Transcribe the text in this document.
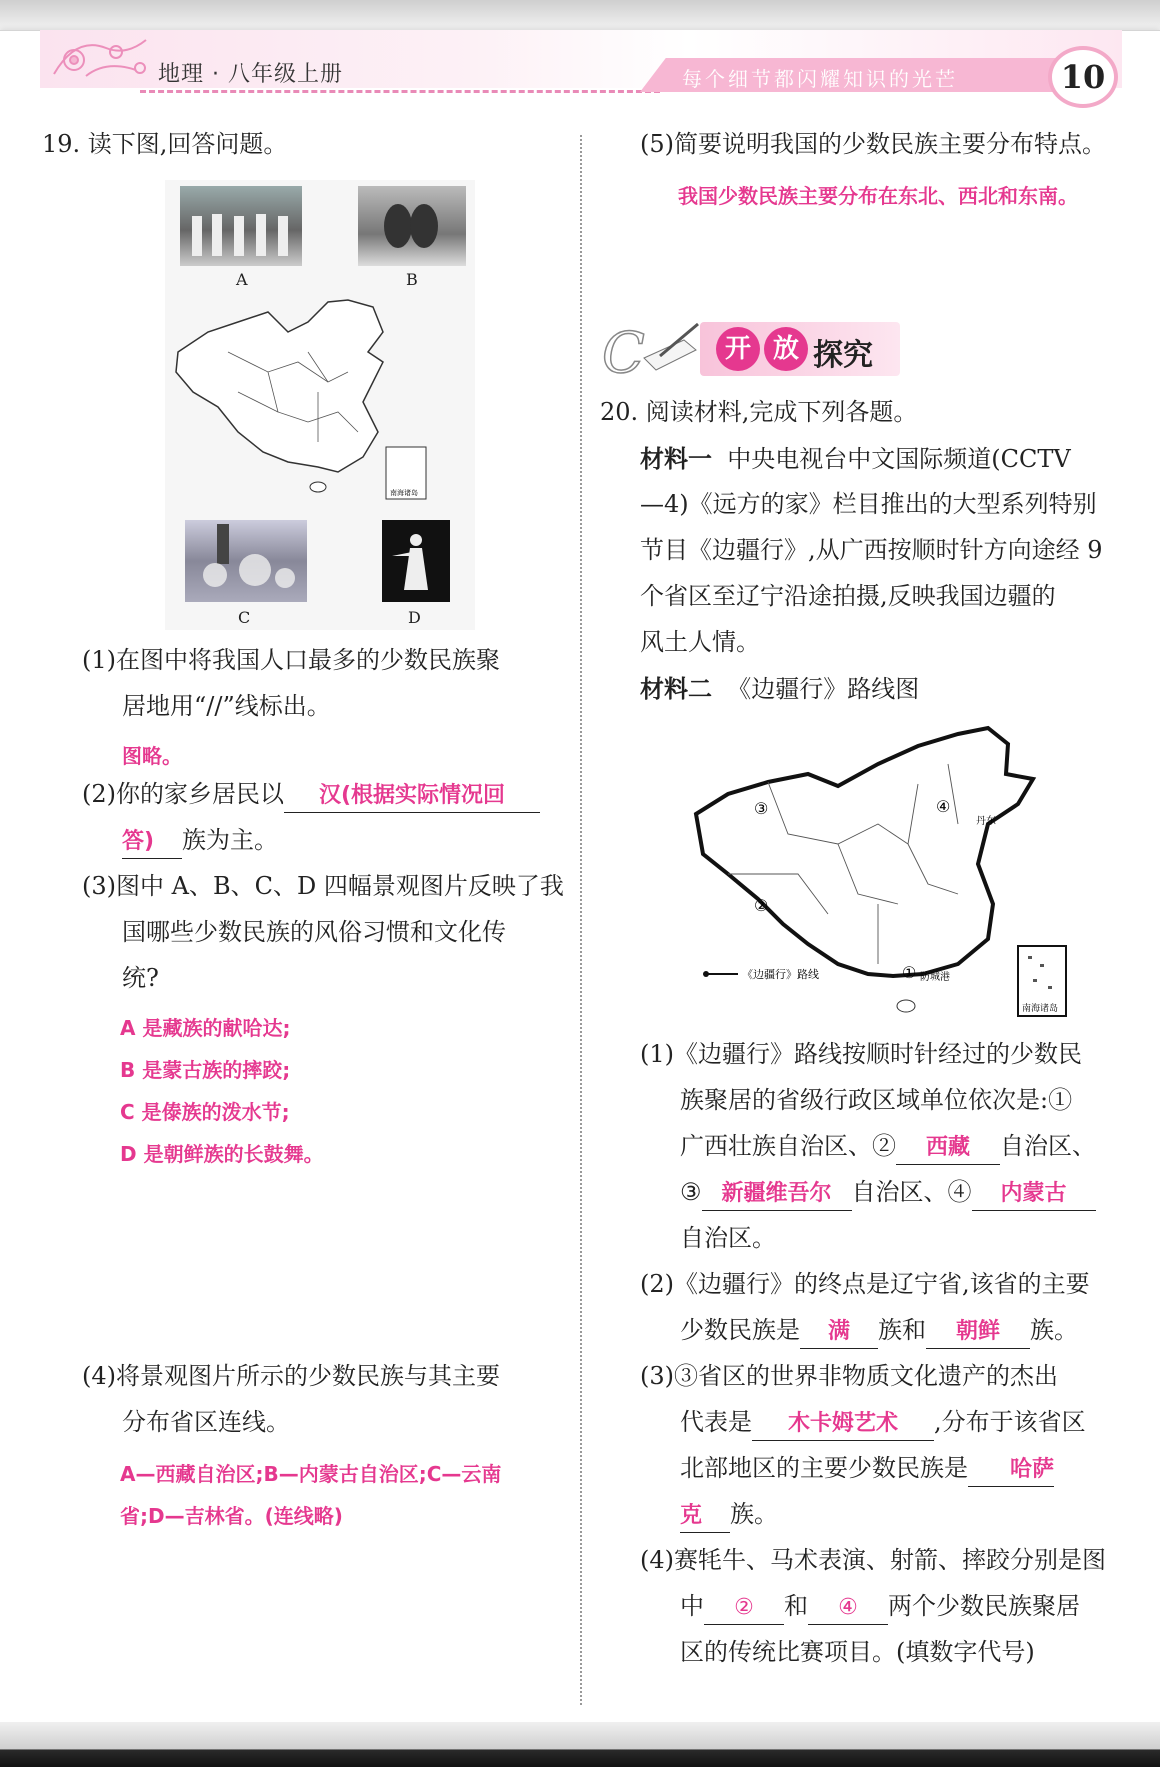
地理 · 八年级上册	每个细节都闪耀知识的光芒	10
19. 读下图,回答问题。
A	B
南海诸岛
C	D
(1)在图中将我国人口最多的少数民族聚
居地用“//”线标出。
图略。
(2)你的家乡居民以 汉(根据实际情况回
答) 族为主。
(3)图中 A、B、C、D 四幅景观图片反映了我
国哪些少数民族的风俗习惯和文化传
统?
A 是藏族的献哈达;
B 是蒙古族的摔跤;
C 是傣族的泼水节;
D 是朝鲜族的长鼓舞。
(4)将景观图片所示的少数民族与其主要
分布省区连线。
A—西藏自治区;B—内蒙古自治区;C—云南
省;D—吉林省。(连线略)
(5)简要说明我国的少数民族主要分布特点。
我国少数民族主要分布在东北、西北和东南。
C	开 放 探究
20. 阅读材料,完成下列各题。
材料一 中央电视台中文国际频道(CCTV
—4)《远方的家》栏目推出的大型系列特别
节目《边疆行》,从广西按顺时针方向途经 9
个省区至辽宁沿途拍摄,反映我国边疆的
风土人情。
材料二 《边疆行》路线图
南海诸岛
③
②
④
① 防城港
丹东
《边疆行》路线
(1)《边疆行》路线按顺时针经过的少数民
族聚居的省级行政区域单位依次是:①
广西壮族自治区、② 西藏 自治区、
③ 新疆维吾尔 自治区、④ 内蒙古
自治区。
(2)《边疆行》的终点是辽宁省,该省的主要
少数民族是 满 族和 朝鲜 族。
(3)③省区的世界非物质文化遗产的杰出
代表是 木卡姆艺术 ,分布于该省区
北部地区的主要少数民族是 哈萨
克 族。
(4)赛牦牛、马术表演、射箭、摔跤分别是图
中 ② 和 ④ 两个少数民族聚居
区的传统比赛项目。(填数字代号)
